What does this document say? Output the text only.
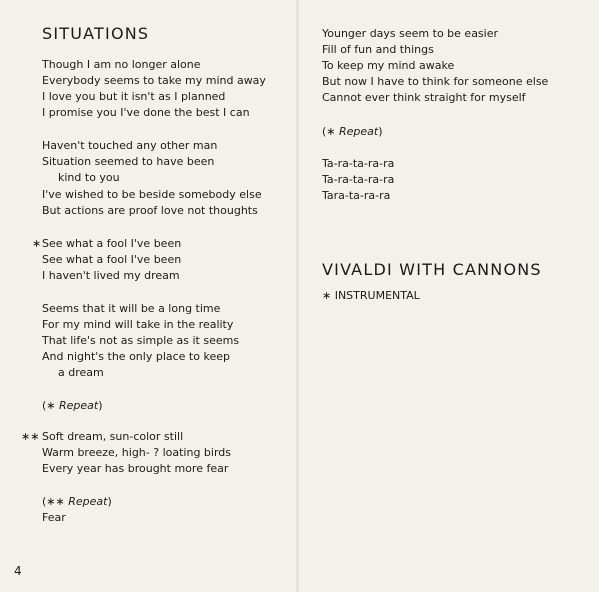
SITUATIONS
Though I am no longer alone
Everybody seems to take my mind away
I love you but it isn't as I planned
I promise you I've done the best I can
Haven't touched any other man
Situation seemed to have been
kind to you
I've wished to be beside somebody else
But actions are proof love not thoughts
∗ See what a fool I've been
See what a fool I've been
I haven't lived my dream
Seems that it will be a long time
For my mind will take in the reality
That life's not as simple as it seems
And night's the only place to keep
a dream
(∗ Repeat)
∗∗ Soft dream, sun-color still
Warm breeze, high- ? loating birds
Every year has brought more fear
(∗∗ Repeat)
Fear
4
Younger days seem to be easier
Fill of fun and things
To keep my mind awake
But now I have to think for someone else
Cannot ever think straight for myself
(∗ Repeat)
Ta-ra-ta-ra-ra
Ta-ra-ta-ra-ra
Tara-ta-ra-ra
VIVALDI WITH CANNONS
∗ INSTRUMENTAL
